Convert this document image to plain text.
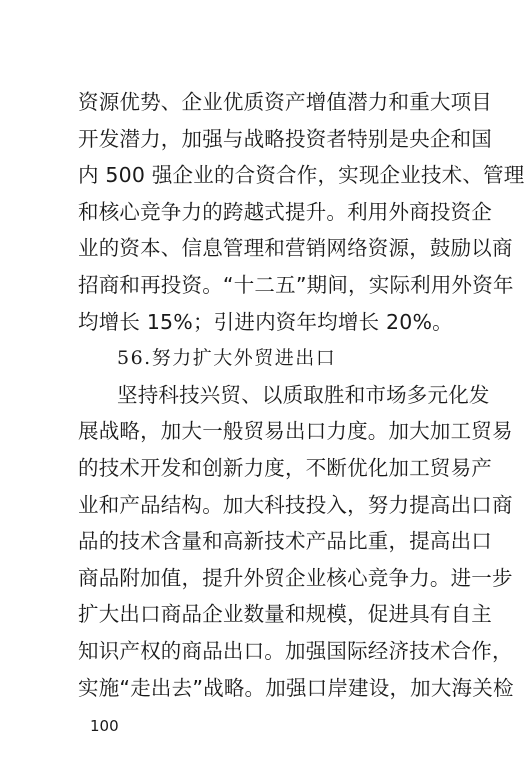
资源优势、企业优质资产增值潜力和重大项目
开发潜力，加强与战略投资者特别是央企和国
内 500 强企业的合资合作，实现企业技术、管理
和核心竞争力的跨越式提升。利用外商投资企
业的资本、信息管理和营销网络资源，鼓励以商
招商和再投资。“十二五”期间，实际利用外资年
均增长 15%；引进内资年均增长 20%。
56.努力扩大外贸进出口
坚持科技兴贸、以质取胜和市场多元化发
展战略，加大一般贸易出口力度。加大加工贸易
的技术开发和创新力度，不断优化加工贸易产
业和产品结构。加大科技投入，努力提高出口商
品的技术含量和高新技术产品比重，提高出口
商品附加值，提升外贸企业核心竞争力。进一步
扩大出口商品企业数量和规模，促进具有自主
知识产权的商品出口。加强国际经济技术合作，
实施“走出去”战略。加强口岸建设，加大海关检
100
